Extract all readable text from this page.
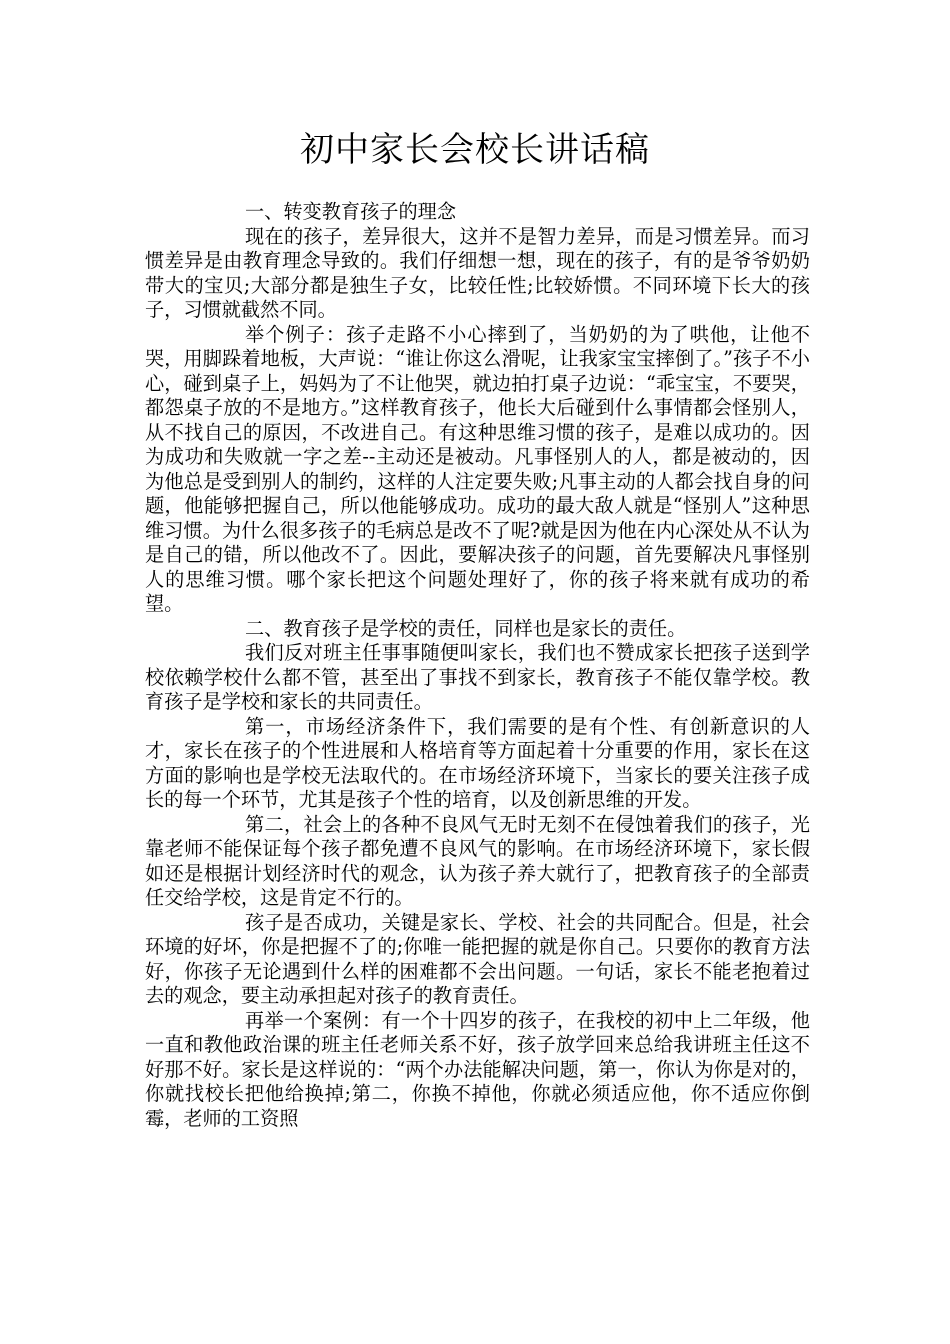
初中家长会校长讲话稿

一、转变教育孩子的理念

现在的孩子，差异很大，这并不是智力差异，而是习惯差异。而习惯差异是由教育理念导致的。我们仔细想一想，现在的孩子，有的是爷爷奶奶带大的宝贝;大部分都是独生子女，比较任性;比较娇惯。不同环境下长大的孩子，习惯就截然不同。

举个例子：孩子走路不小心摔到了，当奶奶的为了哄他，让他不哭，用脚跺着地板，大声说：“谁让你这么滑呢，让我家宝宝摔倒了。”孩子不小心，碰到桌子上，妈妈为了不让他哭，就边拍打桌子边说：“乖宝宝，不要哭，都怨桌子放的不是地方。”这样教育孩子，他长大后碰到什么事情都会怪别人，从不找自己的原因，不改进自己。有这种思维习惯的孩子，是难以成功的。因为成功和失败就一字之差--主动还是被动。凡事怪别人的人，都是被动的，因为他总是受到别人的制约，这样的人注定要失败;凡事主动的人都会找自身的问题，他能够把握自己，所以他能够成功。成功的最大敌人就是“怪别人”这种思维习惯。为什么很多孩子的毛病总是改不了呢?就是因为他在内心深处从不认为是自己的错，所以他改不了。因此，要解决孩子的问题，首先要解决凡事怪别人的思维习惯。哪个家长把这个问题处理好了，你的孩子将来就有成功的希望。

二、教育孩子是学校的责任，同样也是家长的责任。

我们反对班主任事事随便叫家长，我们也不赞成家长把孩子送到学校依赖学校什么都不管，甚至出了事找不到家长，教育孩子不能仅靠学校。教育孩子是学校和家长的共同责任。

第一，市场经济条件下，我们需要的是有个性、有创新意识的人才，家长在孩子的个性进展和人格培育等方面起着十分重要的作用，家长在这方面的影响也是学校无法取代的。在市场经济环境下，当家长的要关注孩子成长的每一个环节，尤其是孩子个性的培育，以及创新思维的开发。

第二，社会上的各种不良风气无时无刻不在侵蚀着我们的孩子，光靠老师不能保证每个孩子都免遭不良风气的影响。在市场经济环境下，家长假如还是根据计划经济时代的观念，认为孩子养大就行了，把教育孩子的全部责任交给学校，这是肯定不行的。

孩子是否成功，关键是家长、学校、社会的共同配合。但是，社会环境的好坏，你是把握不了的;你唯一能把握的就是你自己。只要你的教育方法好，你孩子无论遇到什么样的困难都不会出问题。一句话，家长不能老抱着过去的观念，要主动承担起对孩子的教育责任。

再举一个案例：有一个十四岁的孩子，在我校的初中上二年级，他一直和教他政治课的班主任老师关系不好，孩子放学回来总给我讲班主任这不好那不好。家长是这样说的：“两个办法能解决问题，第一，你认为你是对的，你就找校长把他给换掉;第二，你换不掉他，你就必须适应他，你不适应你倒霉，老师的工资照
